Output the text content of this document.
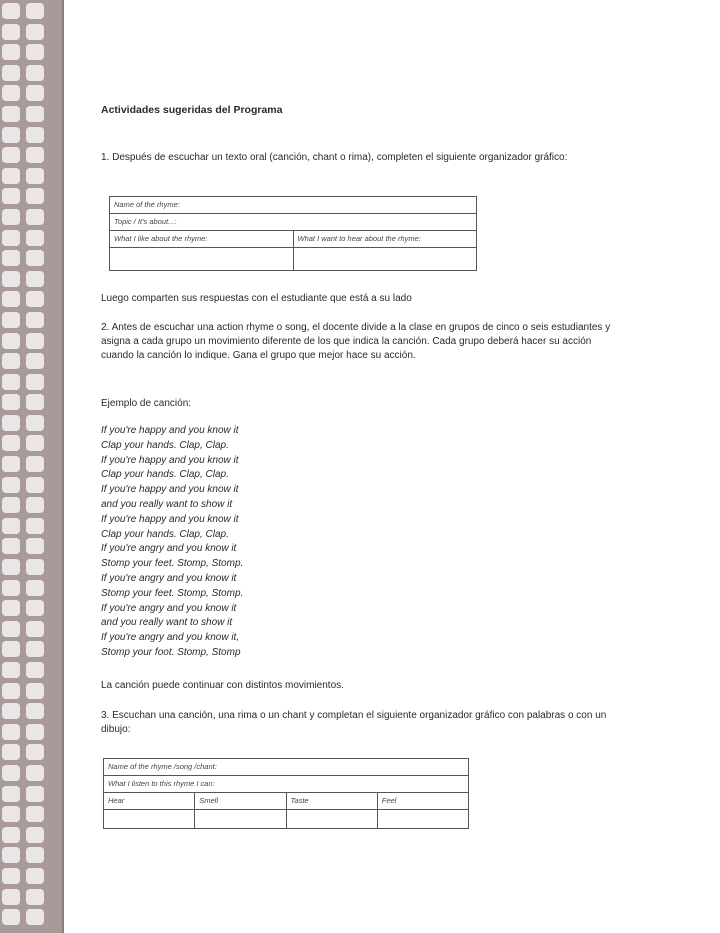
Actividades sugeridas del Programa

1. Después de escuchar un texto oral (canción, chant o rima), completen el siguiente organizador gráfico:

Name of the rhyme:	
Topic / It's about...:	
What I like about the rhyme:	What I want to hear about the rhyme:

Luego comparten sus respuestas con el estudiante que está a su lado

2. Antes de escuchar una action rhyme o song, el docente divide a la clase en grupos de cinco o seis estudiantes y asigna a cada grupo un movimiento diferente de los que indica la canción. Cada grupo deberá hacer su acción cuando la canción lo indique. Gana el grupo que mejor hace su acción.

Ejemplo de canción:

If you're happy and you know it
Clap your hands. Clap, Clap.
If you're happy and you know it
Clap your hands. Clap, Clap.
If you're happy and you know it
and you really want to show it
If you're happy and you know it
Clap your hands. Clap, Clap.
If you're angry and you know it
Stomp your feet. Stomp, Stomp.
If you're angry and you know it
Stomp your feet. Stomp, Stomp.
If you're angry and you know it
and you really want to show it
If you're angry and you know it,
Stomp your foot. Stomp, Stomp

La canción puede continuar con distintos movimientos.

3. Escuchan una canción, una rima o un chant y completan el siguiente organizador gráfico con palabras o con un dibujo:

Name of the rhyme /song /chant:			
What I listen to this rhyme I can:			
Hear	Smell	Taste	Feel
